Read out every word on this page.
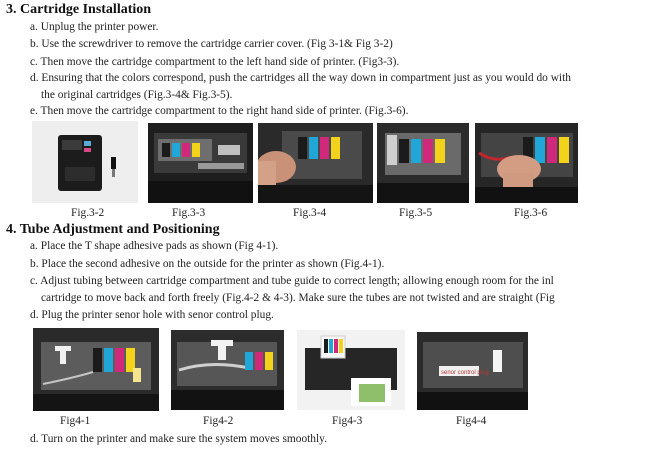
3. Cartridge Installation
a. Unplug the printer power.
b. Use the screwdriver to remove the cartridge carrier cover. (Fig 3-1& Fig 3-2)
c. Then move the cartridge compartment to the left hand side of printer. (Fig3-3).
d. Ensuring that the colors correspond, push the cartridges all the way down in compartment just as you would do with
the original cartridges (Fig.3-4& Fig.3-5).
e. Then move the cartridge compartment to the right hand side of printer. (Fig.3-6).
Fig.3-2	Fig.3-3	Fig.3-4	Fig.3-5	Fig.3-6
4. Tube Adjustment and Positioning
a. Place the T shape adhesive pads as shown (Fig 4-1).
b. Place the second adhesive on the outside for the printer as shown (Fig.4-1).
c. Adjust tubing between cartridge compartment and tube guide to correct length; allowing enough room for the inl
cartridge to move back and forth freely (Fig.4-2 & 4-3). Make sure the tubes are not twisted and are straight (Fig
d. Plug the printer senor hole with senor control plug.
senor control plug
Fig4-1	Fig4-2	Fig4-3	Fig4-4
d. Turn on the printer and make sure the system moves smoothly.
